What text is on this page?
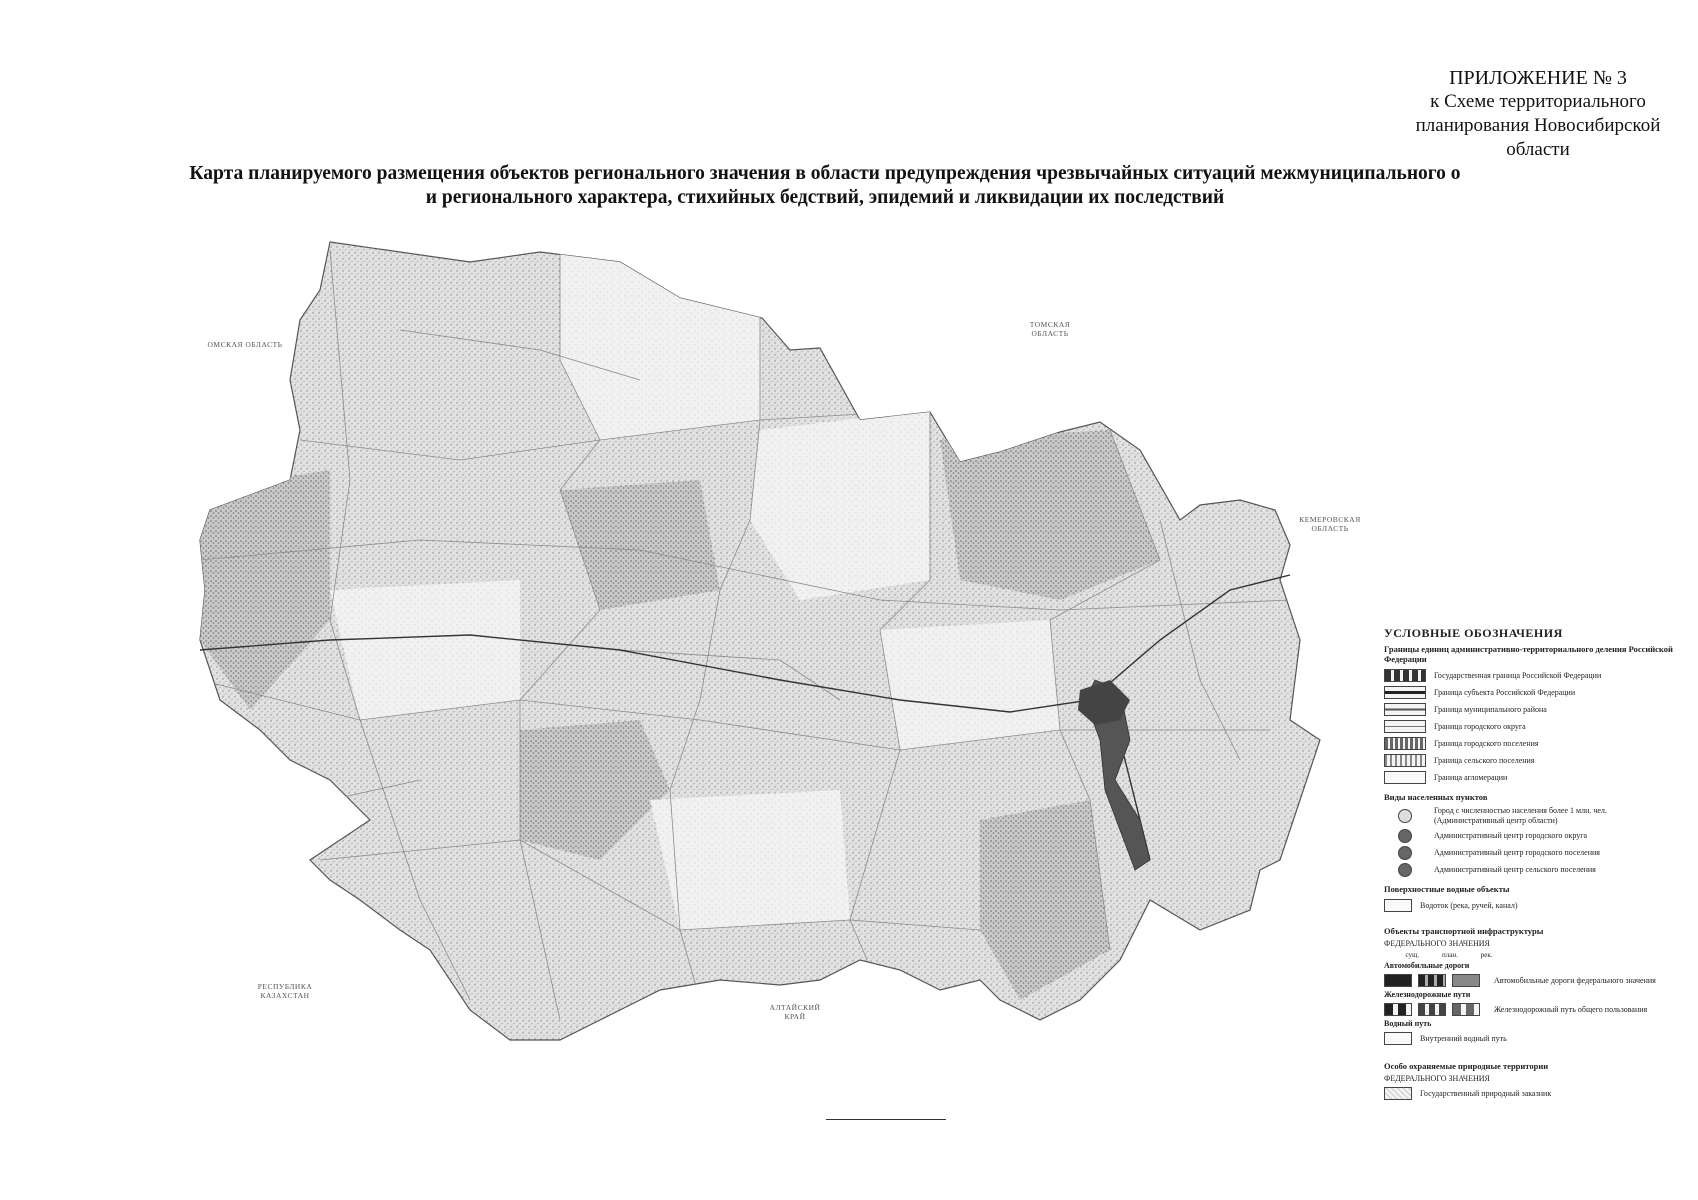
ПРИЛОЖЕНИЕ № 3
к Схеме территориального
планирования Новосибирской
области
Карта планируемого размещения объектов регионального значения в области предупреждения чрезвычайных ситуаций межмуниципального о
и регионального характера, стихийных бедствий, эпидемий и ликвидации их последствий
ОМСКАЯ ОБЛАСТЬ
ТОМСКАЯ ОБЛАСТЬ
КЕМЕРОВСКАЯ ОБЛАСТЬ
РЕСПУБЛИКА КАЗАХСТАН
АЛТАЙСКИЙ КРАЙ
УСЛОВНЫЕ ОБОЗНАЧЕНИЯ
Границы единиц административно-территориального деления Российской Федерации
Государственная граница Российской Федерации
Граница субъекта Российской Федерации
Граница муниципального района
Граница городского округа
Граница городского поселения
Граница сельского поселения
Граница агломерации
Виды населенных пунктов
Город с численностью населения более 1 млн. чел. (Административный центр области)
Административный центр городского округа
Административный центр городского поселения
Административный центр сельского поселения
Поверхностные водные объекты
Водоток (река, ручей, канал)
Объекты транспортной инфраструктуры
ФЕДЕРАЛЬНОГО ЗНАЧЕНИЯ
сущ.	план.	рек.
Автомобильные дороги
Автомобильные дороги федерального значения
Железнодорожные пути
Железнодорожный путь общего пользования
Водный путь
Внутренний водный путь
Особо охраняемые природные территории
ФЕДЕРАЛЬНОГО ЗНАЧЕНИЯ
Государственный природный заказник
